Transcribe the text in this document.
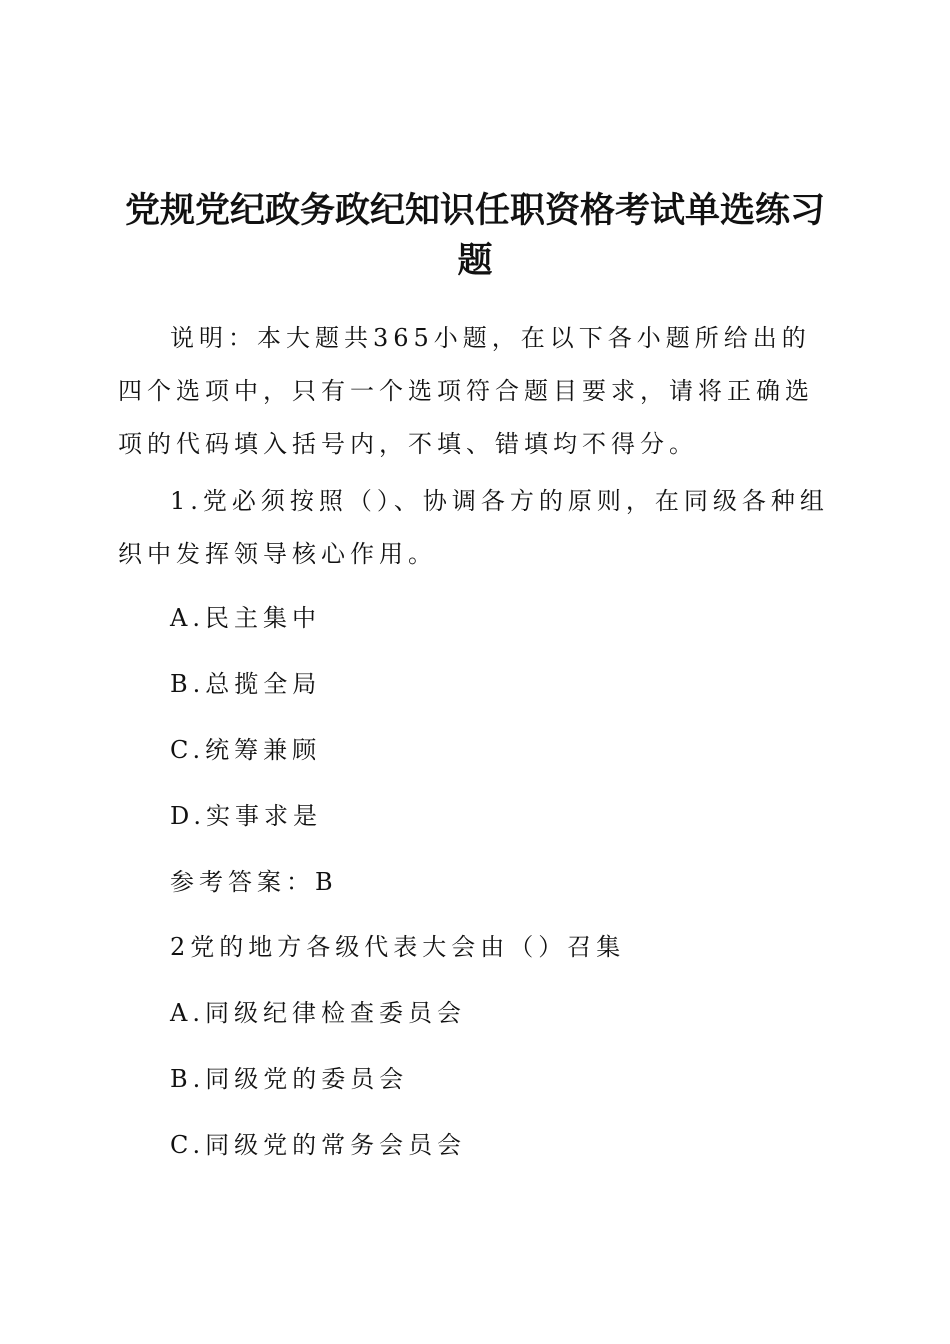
党规党纪政务政纪知识任职资格考试单选练习题

说明：本大题共365小题，在以下各小题所给出的四个选项中，只有一个选项符合题目要求，请将正确选项的代码填入括号内，不填、错填均不得分。

1.党必须按照（）、协调各方的原则，在同级各种组织中发挥领导核心作用。

A.民主集中
B.总揽全局
C.统筹兼顾
D.实事求是
参考答案：B
2党的地方各级代表大会由（）召集
A.同级纪律检查委员会
B.同级党的委员会
C.同级党的常务会员会
